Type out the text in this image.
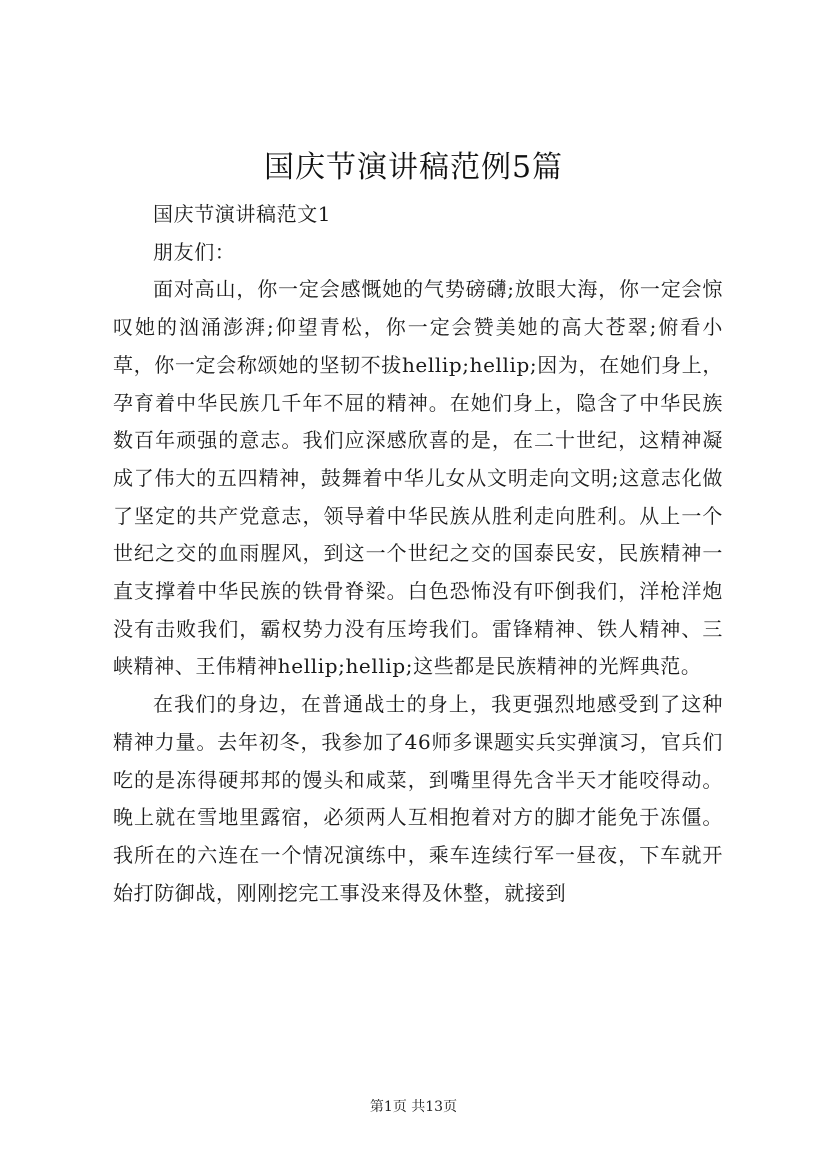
国庆节演讲稿范例5篇

国庆节演讲稿范文1

朋友们：

面对高山，你一定会感慨她的气势磅礴;放眼大海，你一定会惊叹她的汹涌澎湃;仰望青松，你一定会赞美她的高大苍翠;俯看小草，你一定会称颂她的坚韧不拔hellip;hellip;因为，在她们身上，孕育着中华民族几千年不屈的精神。在她们身上，隐含了中华民族数百年顽强的意志。我们应深感欣喜的是，在二十世纪，这精神凝成了伟大的五四精神，鼓舞着中华儿女从文明走向文明;这意志化做了坚定的共产党意志，领导着中华民族从胜利走向胜利。从上一个世纪之交的血雨腥风，到这一个世纪之交的国泰民安，民族精神一直支撑着中华民族的铁骨脊梁。白色恐怖没有吓倒我们，洋枪洋炮没有击败我们，霸权势力没有压垮我们。雷锋精神、铁人精神、三峡精神、王伟精神hellip;hellip;这些都是民族精神的光辉典范。

在我们的身边，在普通战士的身上，我更强烈地感受到了这种精神力量。去年初冬，我参加了46师多课题实兵实弹演习，官兵们吃的是冻得硬邦邦的馒头和咸菜，到嘴里得先含半天才能咬得动。晚上就在雪地里露宿，必须两人互相抱着对方的脚才能免于冻僵。我所在的六连在一个情况演练中，乘车连续行军一昼夜，下车就开始打防御战，刚刚挖完工事没来得及休整，就接到

第1页 共13页
